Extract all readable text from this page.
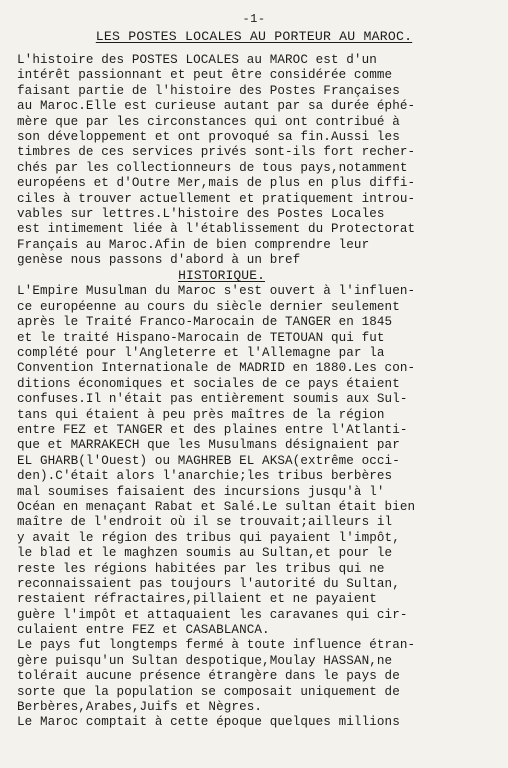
-1-
LES POSTES LOCALES AU PORTEUR AU MAROC.
L'histoire des POSTES LOCALES au MAROC est d'un
intérêt passionnant et peut être considérée comme
faisant partie de l'histoire des Postes Françaises
au Maroc.Elle est curieuse autant par sa durée éphé-
mère que par les circonstances qui ont contribué à
son développement et ont provoqué sa fin.Aussi les
timbres de ces services privés sont-ils fort recher-
chés par les collectionneurs de tous pays,notamment
européens et d'Outre Mer,mais de plus en plus diffi-
ciles à trouver actuellement et pratiquement introu-
vables sur lettres.L'histoire des Postes Locales
est intimement liée à l'établissement du Protectorat
Français au Maroc.Afin de bien comprendre leur
genèse nous passons d'abord à un bref
HISTORIQUE.
L'Empire Musulman du Maroc s'est ouvert à l'influen-
ce européenne au cours du siècle dernier seulement
après le Traité Franco-Marocain de TANGER en 1845
et le traité Hispano-Marocain de TETOUAN qui fut
complété pour l'Angleterre et l'Allemagne par la
Convention Internationale de MADRID en 1880.Les con-
ditions économiques et sociales de ce pays étaient
confuses.Il n'était pas entièrement soumis aux Sul-
tans qui étaient à peu près maîtres de la région
entre FEZ et TANGER et des plaines entre l'Atlanti-
que et MARRAKECH que les Musulmans désignaient par
EL GHARB(l'Ouest) ou MAGHREB EL AKSA(extrême occi-
den).C'était alors l'anarchie;les tribus berbères
mal soumises faisaient des incursions jusqu'à l'
Océan en menaçant Rabat et Salé.Le sultan était bien
maître de l'endroit où il se trouvait;ailleurs il
y avait le région des tribus qui payaient l'impôt,
le blad et le maghzen soumis au Sultan,et pour le
reste les régions habitées par les tribus qui ne
reconnaissaient pas toujours l'autorité du Sultan,
restaient réfractaires,pillaient et ne payaient
guère l'impôt et attaquaient les caravanes qui cir-
culaient entre FEZ et CASABLANCA.
Le pays fut longtemps fermé à toute influence étran-
gère puisqu'un Sultan despotique,Moulay HASSAN,ne
tolérait aucune présence étrangère dans le pays de
sorte que la population se composait uniquement de
Berbères,Arabes,Juifs et Nègres.
Le Maroc comptait à cette époque quelques millions
